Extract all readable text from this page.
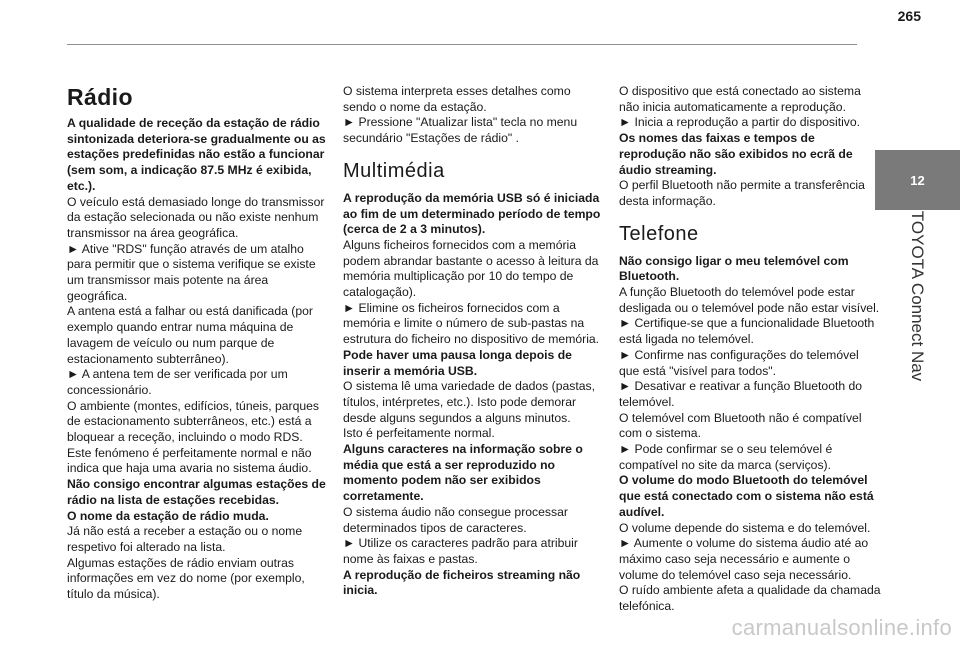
265
12
TOYOTA Connect Nav
Rádio

A qualidade de receção da estação de rádio sintonizada deteriora-se gradualmente ou as estações predefinidas não estão a funcionar (sem som, a indicação 87.5 MHz é exibida, etc.).

O veículo está demasiado longe do transmissor da estação selecionada ou não existe nenhum transmissor na área geográfica.

► Ative "RDS" função através de um atalho para permitir que o sistema verifique se existe um transmissor mais potente na área geográfica.

A antena está a falhar ou está danificada (por exemplo quando entrar numa máquina de lavagem de veículo ou num parque de estacionamento subterrâneo).

► A antena tem de ser verificada por um concessionário.

O ambiente (montes, edifícios, túneis, parques de estacionamento subterrâneos, etc.) está a bloquear a receção, incluindo o modo RDS.

Este fenómeno é perfeitamente normal e não indica que haja uma avaria no sistema áudio.

Não consigo encontrar algumas estações de rádio na lista de estações recebidas.

O nome da estação de rádio muda.

Já não está a receber a estação ou o nome respetivo foi alterado na lista.

Algumas estações de rádio enviam outras informações em vez do nome (por exemplo, título da música).

O sistema interpreta esses detalhes como sendo o nome da estação.

► Pressione "Atualizar lista" tecla no menu secundário "Estações de rádio" .

Multimédia

A reprodução da memória USB só é iniciada ao fim de um determinado período de tempo (cerca de 2 a 3 minutos).

Alguns ficheiros fornecidos com a memória podem abrandar bastante o acesso à leitura da memória multiplicação por 10 do tempo de catalogação).

► Elimine os ficheiros fornecidos com a memória e limite o número de sub-pastas na estrutura do ficheiro no dispositivo de memória.

Pode haver uma pausa longa depois de inserir a memória USB.

O sistema lê uma variedade de dados (pastas, títulos, intérpretes, etc.). Isto pode demorar desde alguns segundos a alguns minutos.

Isto é perfeitamente normal.

Alguns caracteres na informação sobre o média que está a ser reproduzido no momento podem não ser exibidos corretamente.

O sistema áudio não consegue processar determinados tipos de caracteres.

► Utilize os caracteres padrão para atribuir nome às faixas e pastas.

A reprodução de ficheiros streaming não inicia.

O dispositivo que está conectado ao sistema não inicia automaticamente a reprodução.

► Inicia a reprodução a partir do dispositivo.

Os nomes das faixas e tempos de reprodução não são exibidos no ecrã de áudio streaming.

O perfil Bluetooth não permite a transferência desta informação.

Telefone

Não consigo ligar o meu telemóvel com Bluetooth.

A função Bluetooth do telemóvel pode estar desligada ou o telemóvel pode não estar visível.

► Certifique-se que a funcionalidade Bluetooth está ligada no telemóvel.

► Confirme nas configurações do telemóvel que está "visível para todos".

► Desativar e reativar a função Bluetooth do telemóvel.

O telemóvel com Bluetooth não é compatível com o sistema.

► Pode confirmar se o seu telemóvel é compatível no site da marca (serviços).

O volume do modo Bluetooth do telemóvel que está conectado com o sistema não está audível.

O volume depende do sistema e do telemóvel.

► Aumente o volume do sistema áudio até ao máximo caso seja necessário e aumente o volume do telemóvel caso seja necessário.

O ruído ambiente afeta a qualidade da chamada telefónica.

carmanualsonline.info
